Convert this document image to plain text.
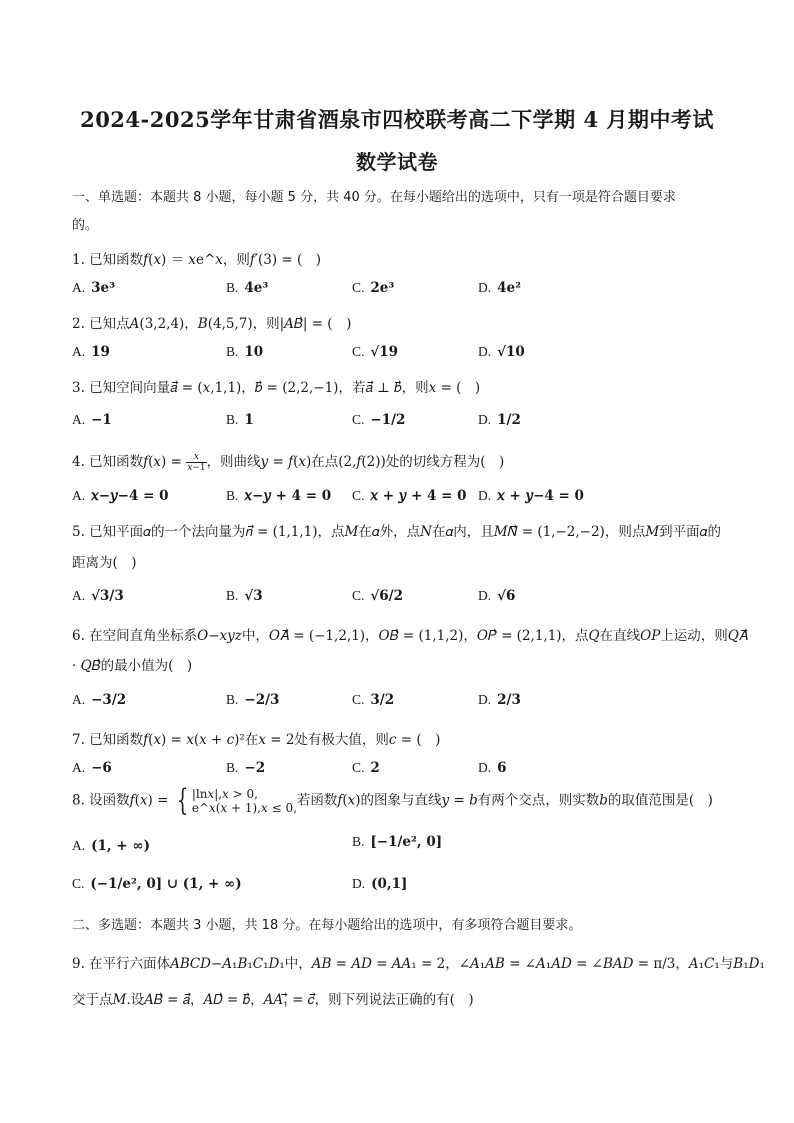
2024-2025学年甘肃省酒泉市四校联考高二下学期 4 月期中考试
数学试卷
一、单选题：本题共 8 小题，每小题 5 分，共 40 分。在每小题给出的选项中，只有一项是符合题目要求
的。
1. 已知函数𝑓(𝑥) ＝ 𝑥e^𝑥，则𝑓′(3) = (　)
A. 3e³	B. 4e³	C. 2e³	D. 4e²
2. 已知点𝐴(3,2,4)，𝐵(4,5,7)，则|𝐴𝐵⃗| = (　)
A. 19	B. 10	C. √19	D. √10
3. 已知空间向量𝑎⃗ = (𝑥,1,1)，𝑏⃗ = (2,2,−1)，若𝑎⃗ ⊥ 𝑏⃗，则𝑥 = (　)
A. −1	B. 1	C. −1/2	D. 1/2
4. 已知函数𝑓(𝑥) = $\frac{\text{𝑥}}{\text{𝑥−1}}$ ，则曲线𝑦 = 𝑓(𝑥)在点(2,𝑓(2))处的切线方程为(　)
A. 𝑥−𝑦−4 = 0	B. 𝑥−𝑦 + 4 = 0 C. 𝑥 + 𝑦 + 4 = 0 D. 𝑥 + 𝑦−4 = 0
5. 已知平面𝛼的一个法向量为𝑛⃗ = (1,1,1)，点𝑀在𝛼外，点𝑁在𝛼内，且𝑀𝑁⃗ = (1,−2,−2)，则点𝑀到平面𝛼的
距离为(　)
A. √3/3	B. √3	C. √6/2	D. √6
6. 在空间直角坐标系𝑂−𝑥𝑦𝑧中，𝑂𝐴⃗ = (−1,2,1)，𝑂𝐵⃗ = (1,1,2)，𝑂𝑃⃗ = (2,1,1)，点𝑄在直线𝑂𝑃上运动，则𝑄𝐴⃗
· 𝑄𝐵⃗的最小值为(　)
A. −3/2	B. −2/3	C. 3/2	D. 2/3
7. 已知函数𝑓(𝑥) = 𝑥(𝑥 + 𝑐)²在𝑥 = 2处有极大值，则𝑐 = (　)
A. −6	B. −2	C. 2	D. 6
8. 设函数𝑓(𝑥) = { |ln𝑥|,𝑥 > 0,
e^𝑥(𝑥 + 1),𝑥 ≤ 0, 若函数𝑓(𝑥)的图象与直线𝑦 = 𝑏有两个交点，则实数𝑏的取值范围是(　)
A. (1, + ∞)	B. [−1/e², 0]
C. (−1/e², 0] ∪ (1, + ∞)	D. (0,1]
二、多选题：本题共 3 小题，共 18 分。在每小题给出的选项中，有多项符合题目要求。
9. 在平行六面体𝐴𝐵𝐶𝐷−𝐴₁𝐵₁𝐶₁𝐷₁中，𝐴𝐵 = 𝐴𝐷 = 𝐴𝐴₁ = 2，∠𝐴₁𝐴𝐵 = ∠𝐴₁𝐴𝐷 = ∠𝐵𝐴𝐷 = π/3，𝐴₁𝐶₁与𝐵₁𝐷₁
交于点𝑀.设𝐴𝐵⃗ = 𝑎⃗，𝐴𝐷⃗ = 𝑏⃗，𝐴𝐴₁⃗ = 𝑐⃗，则下列说法正确的有(　)
